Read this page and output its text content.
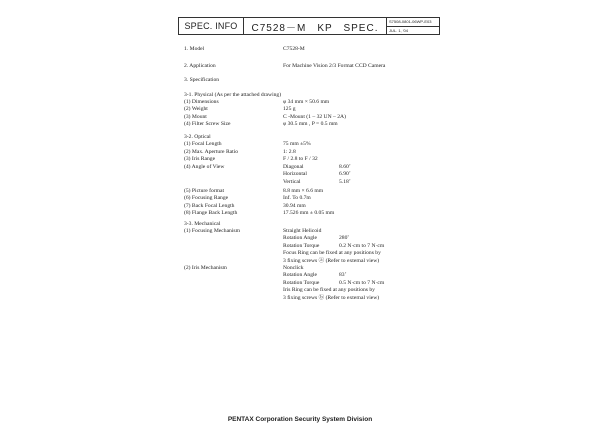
SPEC. INFO	C7528－M　KP　SPEC.
S7508-0801-06WP-E03
JUL. 1, '04
1. Model	C7528-M
2. Application	For Machine Vision 2/3 Format CCD Camera
3. Specification
3-1. Physical (As per the attached drawing)
(1) Dimensions	φ 34 mm × 50.6 mm
(2) Weight	125 g
(3) Mount	C -Mount (1 – 32 UN – 2A)
(4) Filter Screw Size	φ 30.5 mm , P = 0.5 mm
3-2. Optical
(1) Focal Length	75 mm ±5%
(2) Max. Aperture Ratio	1: 2.8
(3) Iris Range	F / 2.8 to F / 32
(4) Angle of View	Diagonal	8.60˚
Horizontal	6.90˚
Vertical	5.18˚
(5) Picture format	8.8 mm × 6.6 mm
(6) Focusing Range	Inf. To 0.7m
(7) Back Focal Length	30.94 mm
(8) Flange Back Length	17.526 mm ± 0.05 mm
3-3. Mechanical
(1) Focusing Mechanism	Straight Helicoid
Rotation Angle	280˚
Rotation Torque	0.2 N·cm to 7 N·cm
Focus Ring can be fixed at any positions by
3 fixing screws ⓐ (Refer to external view)
(2) Iris Mechanism	Nonclick
Rotation Angle	83˚
Rotation Torque	0.5 N·cm to 7 N·cm
Iris Ring can be fixed at any positions by
3 fixing screws ⓑ (Refer to external view)
PENTAX Corporation Security System Division
